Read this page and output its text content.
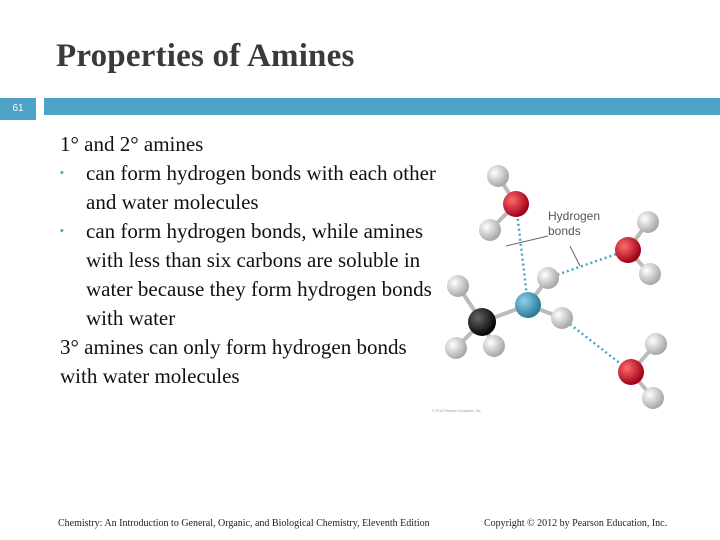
Properties of Amines
61

1° and 2° amines

• can form hydrogen bonds with each other and water molecules
• can form hydrogen bonds, while amines with less than six carbons are soluble in water because they form hydrogen bonds with water

3° amines can only form hydrogen bonds with water molecules

Hydrogen
bonds
© 2012 Pearson Education, Inc.
Chemistry: An Introduction to General, Organic, and Biological Chemistry, Eleventh Edition	Copyright © 2012 by Pearson Education, Inc.
